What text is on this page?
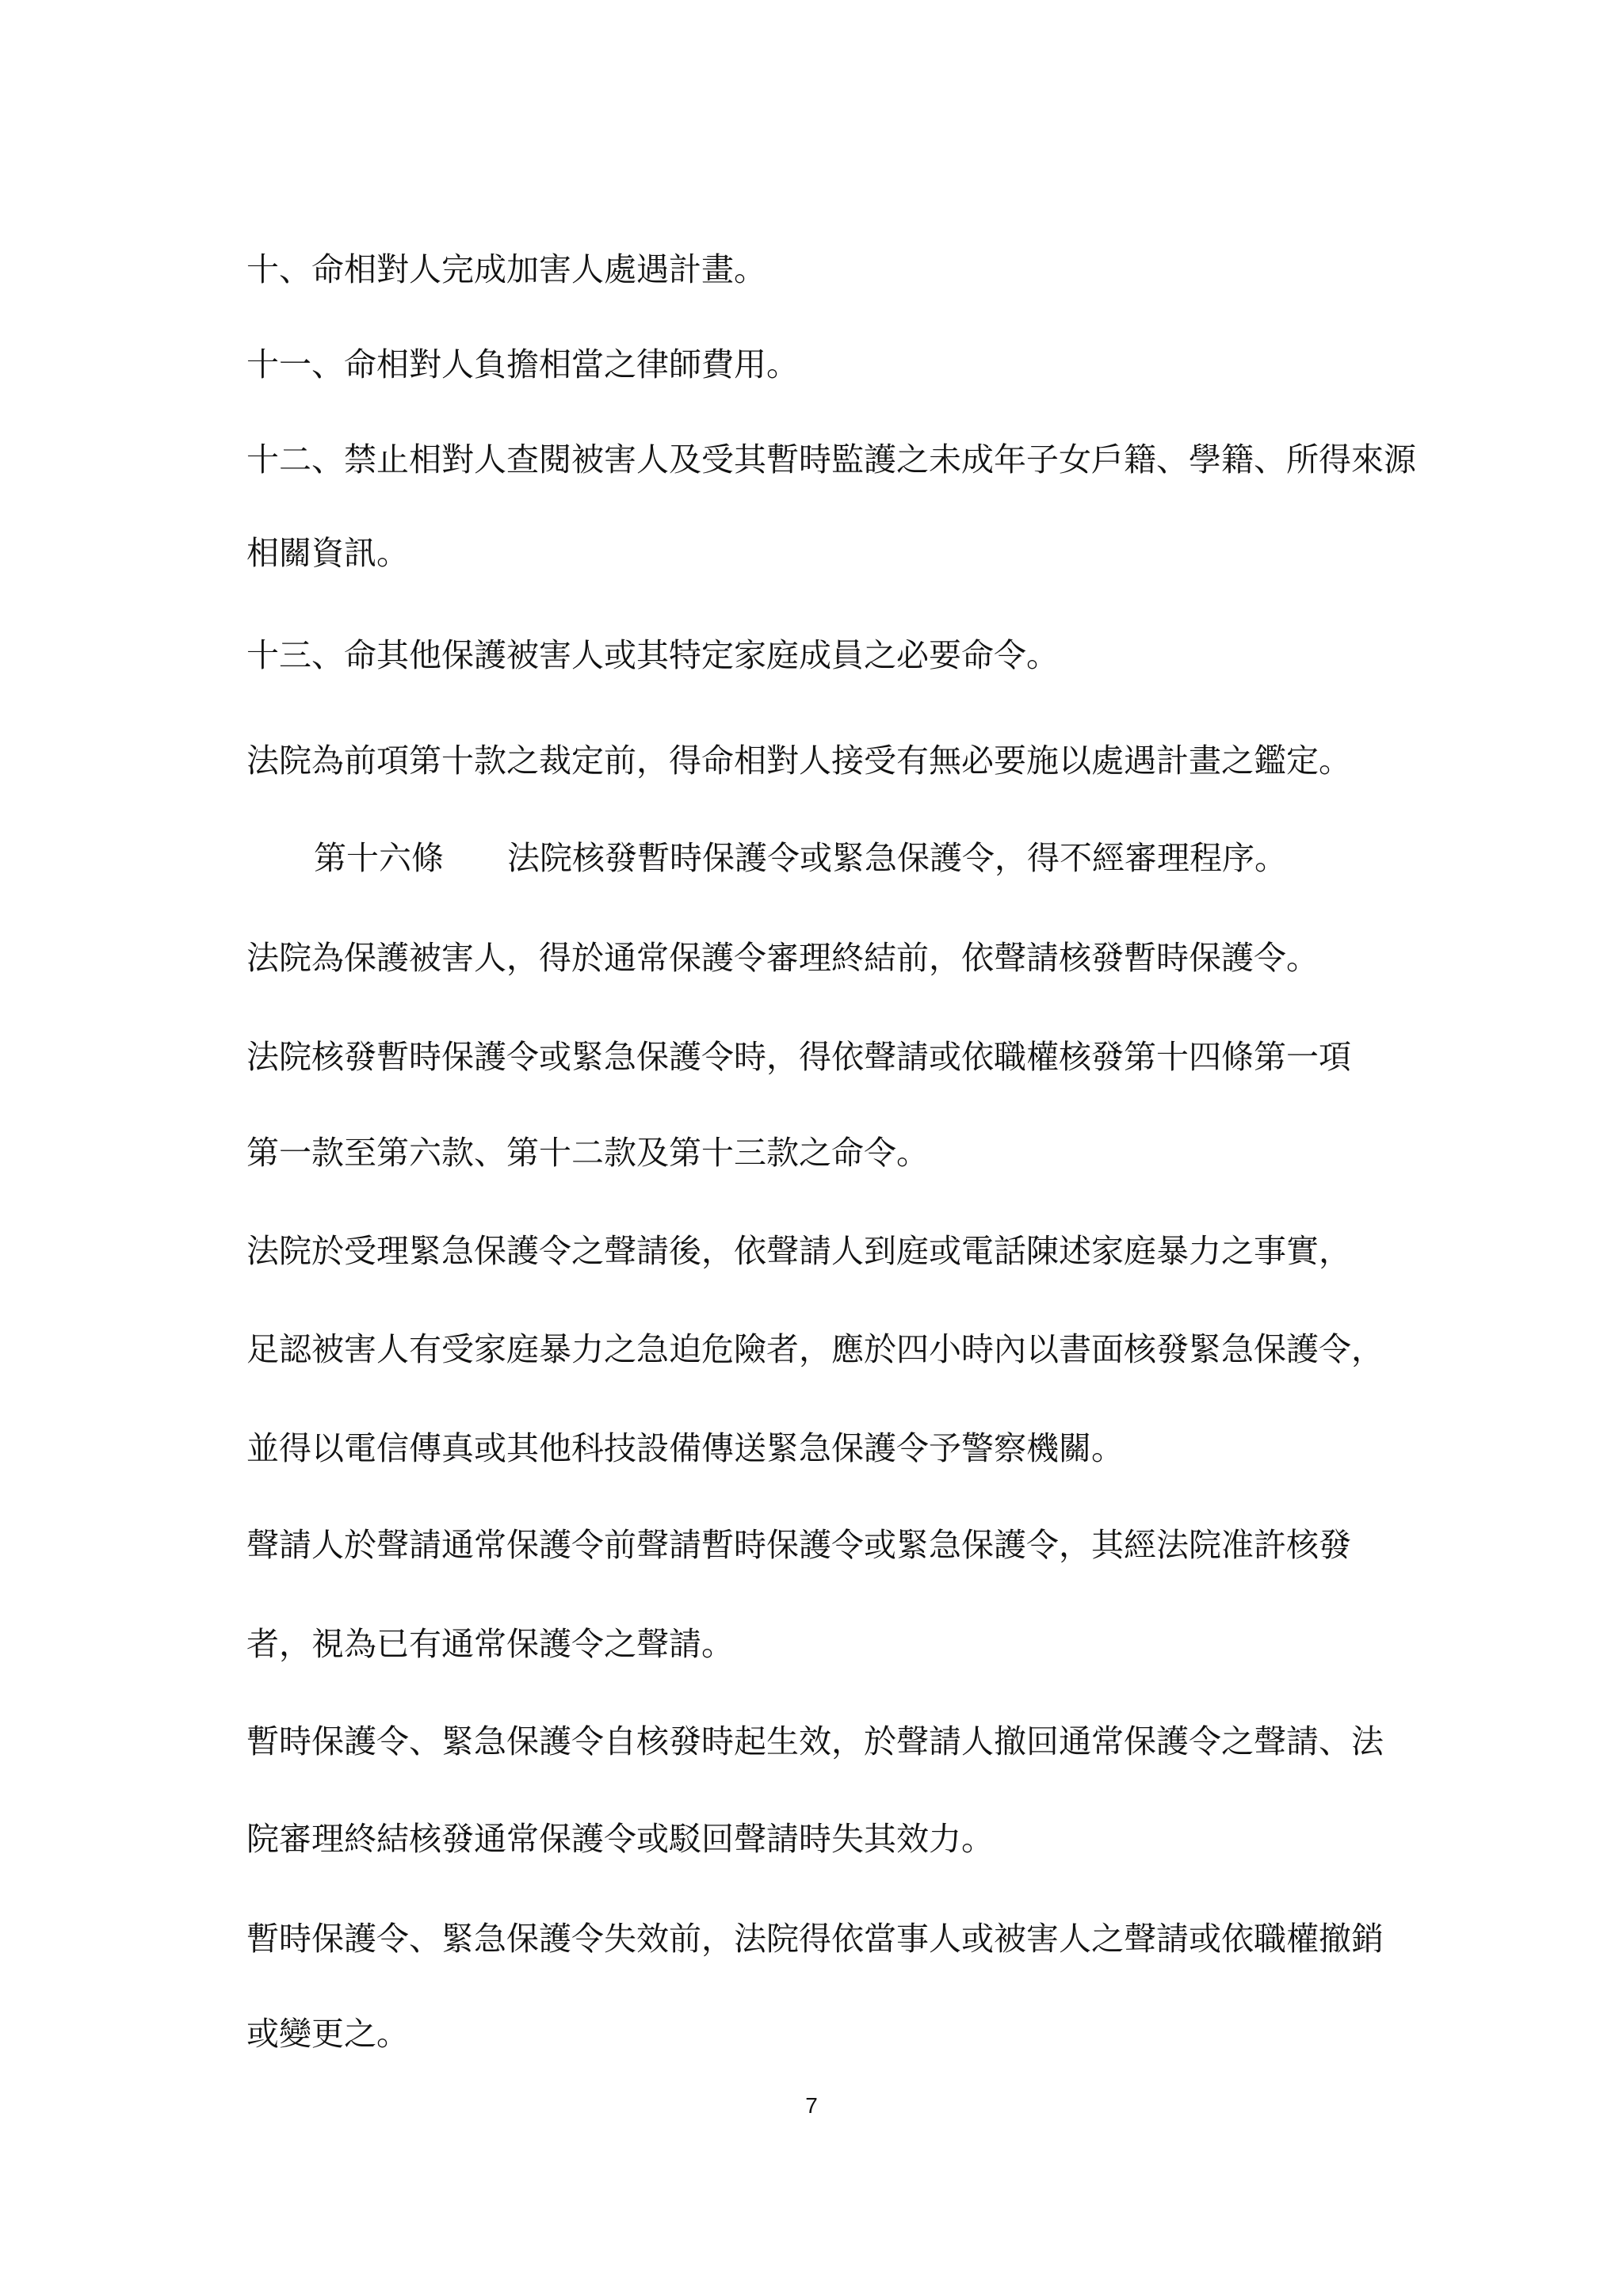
十、命相對人完成加害人處遇計畫。
十一、命相對人負擔相當之律師費用。
十二、禁止相對人查閱被害人及受其暫時監護之未成年子女戶籍、學籍、所得來源
相關資訊。
十三、命其他保護被害人或其特定家庭成員之必要命令。
法院為前項第十款之裁定前，得命相對人接受有無必要施以處遇計畫之鑑定。
第十六條 法院核發暫時保護令或緊急保護令，得不經審理程序。
法院為保護被害人，得於通常保護令審理終結前，依聲請核發暫時保護令。
法院核發暫時保護令或緊急保護令時，得依聲請或依職權核發第十四條第一項
第一款至第六款、第十二款及第十三款之命令。
法院於受理緊急保護令之聲請後，依聲請人到庭或電話陳述家庭暴力之事實，
足認被害人有受家庭暴力之急迫危險者，應於四小時內以書面核發緊急保護令，
並得以電信傳真或其他科技設備傳送緊急保護令予警察機關。
聲請人於聲請通常保護令前聲請暫時保護令或緊急保護令，其經法院准許核發
者，視為已有通常保護令之聲請。
暫時保護令、緊急保護令自核發時起生效，於聲請人撤回通常保護令之聲請、法
院審理終結核發通常保護令或駁回聲請時失其效力。
暫時保護令、緊急保護令失效前，法院得依當事人或被害人之聲請或依職權撤銷
或變更之。
7
